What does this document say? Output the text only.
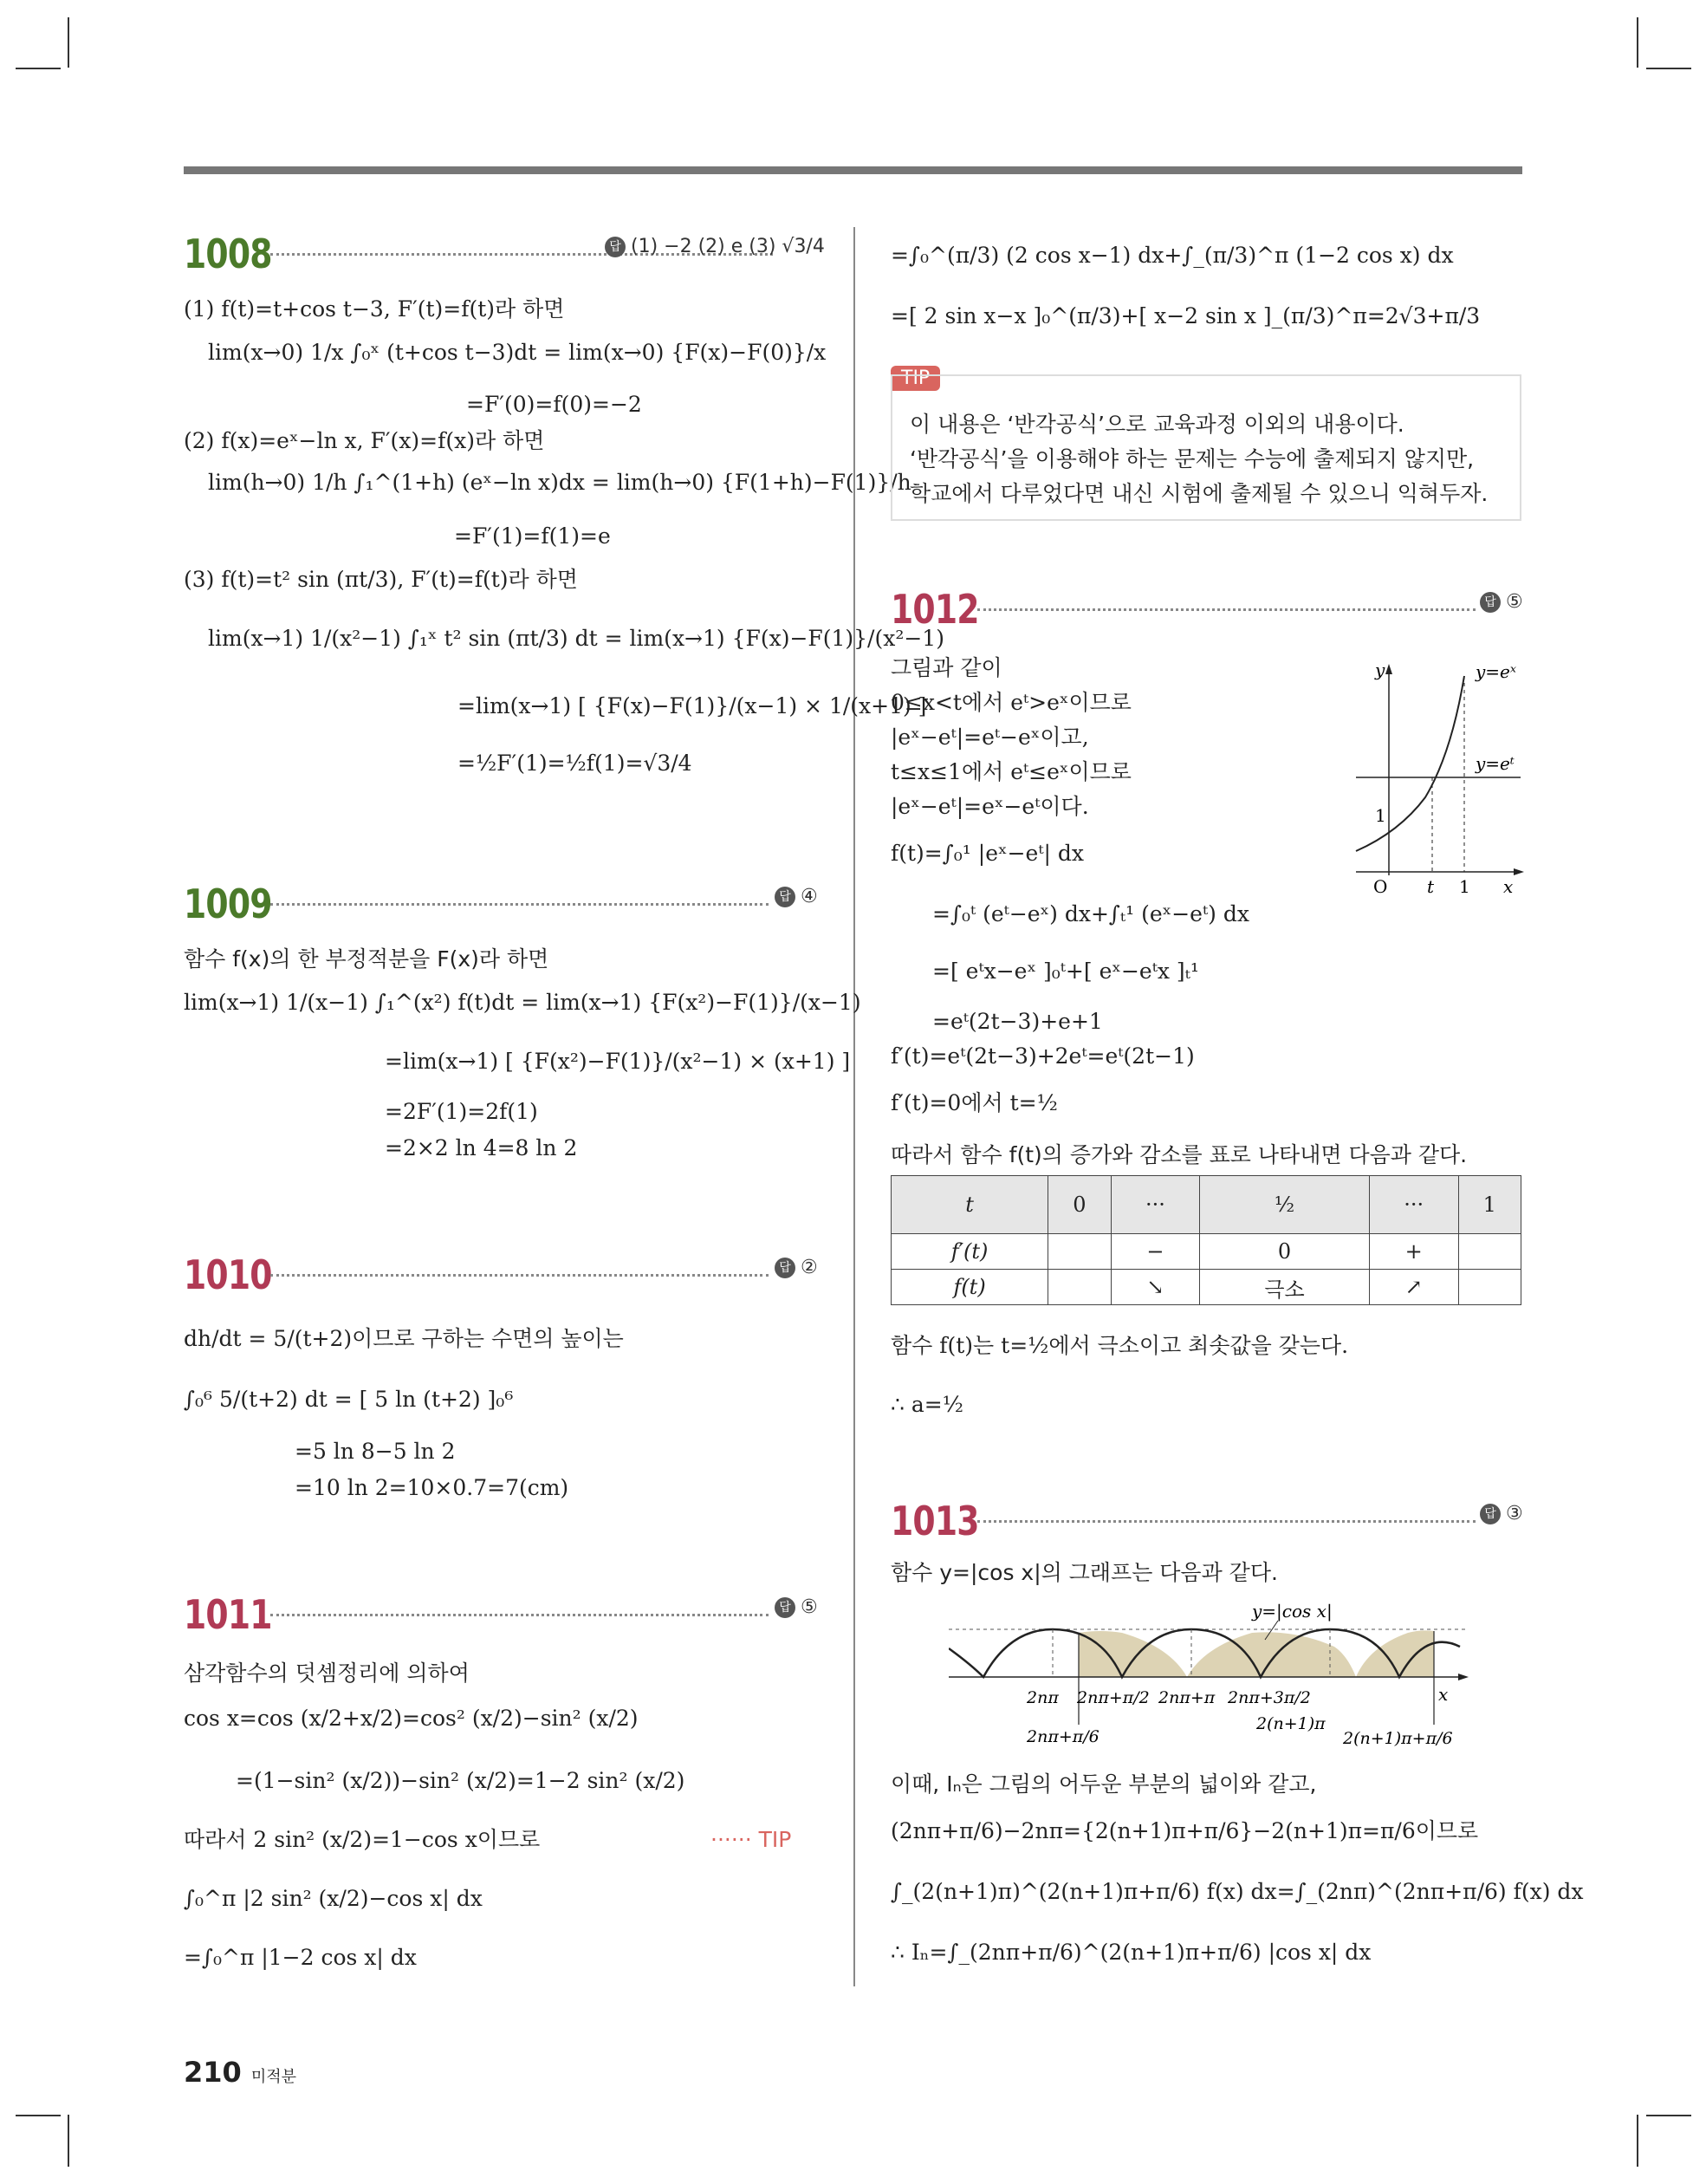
1008	답 (1) −2 (2) e (3) √3/4
(1) f(t)=t+cos t−3, F′(t)=f(t)라 하면
lim(x→0) 1/x ∫₀ˣ (t+cos t−3)dt = lim(x→0) {F(x)−F(0)}/x
=F′(0)=f(0)=−2
(2) f(x)=eˣ−ln x, F′(x)=f(x)라 하면
lim(h→0) 1/h ∫₁^(1+h) (eˣ−ln x)dx = lim(h→0) {F(1+h)−F(1)}/h
=F′(1)=f(1)=e
(3) f(t)=t² sin (πt/3), F′(t)=f(t)라 하면
lim(x→1) 1/(x²−1) ∫₁ˣ t² sin (πt/3) dt = lim(x→1) {F(x)−F(1)}/(x²−1)
=lim(x→1) [ {F(x)−F(1)}/(x−1) × 1/(x+1) ]
=½F′(1)=½f(1)=√3/4
1009	답 ④
함수 f(x)의 한 부정적분을 F(x)라 하면
lim(x→1) 1/(x−1) ∫₁^(x²) f(t)dt = lim(x→1) {F(x²)−F(1)}/(x−1)
=lim(x→1) [ {F(x²)−F(1)}/(x²−1) × (x+1) ]
=2F′(1)=2f(1)
=2×2 ln 4=8 ln 2
1010	답 ②
dh/dt = 5/(t+2)이므로 구하는 수면의 높이는
∫₀⁶ 5/(t+2) dt = [ 5 ln (t+2) ]₀⁶
=5 ln 8−5 ln 2
=10 ln 2=10×0.7=7(cm)
1011	답 ⑤
삼각함수의 덧셈정리에 의하여
cos x=cos (x/2+x/2)=cos² (x/2)−sin² (x/2)
=(1−sin² (x/2))−sin² (x/2)=1−2 sin² (x/2)
따라서 2 sin² (x/2)=1−cos x이므로	······ TIP
∫₀^π |2 sin² (x/2)−cos x| dx
=∫₀^π |1−2 cos x| dx
=∫₀^(π/3) (2 cos x−1) dx+∫_(π/3)^π (1−2 cos x) dx
=[ 2 sin x−x ]₀^(π/3)+[ x−2 sin x ]_(π/3)^π=2√3+π/3
TIP
이 내용은 ‘반각공식’으로 교육과정 이외의 내용이다.
‘반각공식’을 이용해야 하는 문제는 수능에 출제되지 않지만,
학교에서 다루었다면 내신 시험에 출제될 수 있으니 익혀두자.
1012	답 ⑤
그림과 같이
0≤x<t에서 eᵗ>eˣ이므로
|eˣ−eᵗ|=eᵗ−eˣ이고,
t≤x≤1에서 eᵗ≤eˣ이므로
|eˣ−eᵗ|=eˣ−eᵗ이다.
f(t)=∫₀¹ |eˣ−eᵗ| dx
=∫₀ᵗ (eᵗ−eˣ) dx+∫ₜ¹ (eˣ−eᵗ) dx
=[ eᵗx−eˣ ]₀ᵗ+[ eˣ−eᵗx ]ₜ¹
=eᵗ(2t−3)+e+1
f′(t)=eᵗ(2t−3)+2eᵗ=eᵗ(2t−1)
f′(t)=0에서 t=½
따라서 함수 f(t)의 증가와 감소를 표로 나타내면 다음과 같다.
y	y=eˣ
y=eᵗ
1
O t 1 x
t	0	···	½	···	1
f′(t)		−	0	+	
f(t)		↘	극소	↗	
함수 f(t)는 t=½에서 극소이고 최솟값을 갖는다.
∴ a=½
1013	답 ③
함수 y=|cos x|의 그래프는 다음과 같다.
y=|cos x|
x
2nπ 2nπ+π/2 2nπ+π 2nπ+3π/2
2nπ+π/6
2(n+1)π
2(n+1)π+π/6
이때, Iₙ은 그림의 어두운 부분의 넓이와 같고,
(2nπ+π/6)−2nπ={2(n+1)π+π/6}−2(n+1)π=π/6이므로
∫_(2(n+1)π)^(2(n+1)π+π/6) f(x) dx=∫_(2nπ)^(2nπ+π/6) f(x) dx
∴ Iₙ=∫_(2nπ+π/6)^(2(n+1)π+π/6) |cos x| dx
210 미적분
